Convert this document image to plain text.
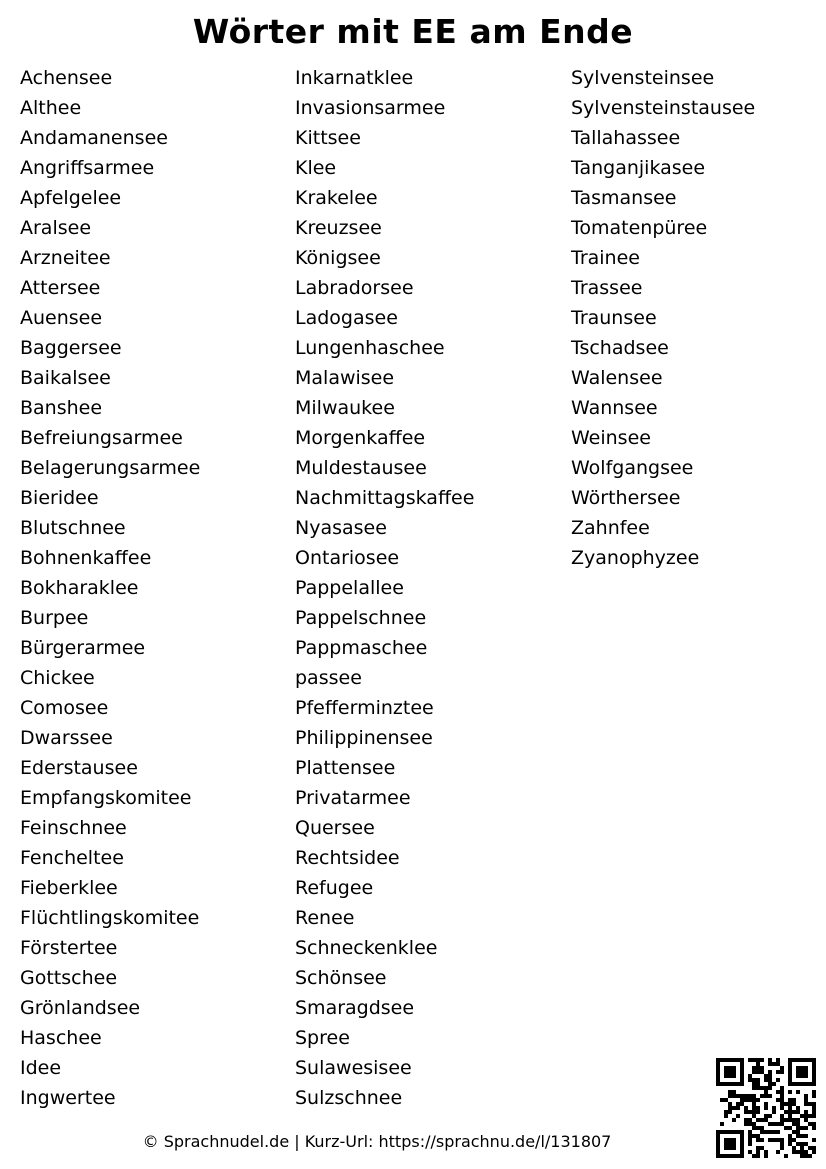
Wörter mit EE am Ende
Achensee
Althee
Andamanensee
Angriffsarmee
Apfelgelee
Aralsee
Arzneitee
Attersee
Auensee
Baggersee
Baikalsee
Banshee
Befreiungsarmee
Belagerungsarmee
Bieridee
Blutschnee
Bohnenkaffee
Bokharaklee
Burpee
Bürgerarmee
Chickee
Comosee
Dwarssee
Ederstausee
Empfangskomitee
Feinschnee
Fencheltee
Fieberklee
Flüchtlingskomitee
Förstertee
Gottschee
Grönlandsee
Haschee
Idee
Ingwertee
Inkarnatklee
Invasionsarmee
Kittsee
Klee
Krakelee
Kreuzsee
Königsee
Labradorsee
Ladogasee
Lungenhaschee
Malawisee
Milwaukee
Morgenkaffee
Muldestausee
Nachmittagskaffee
Nyasasee
Ontariosee
Pappelallee
Pappelschnee
Pappmaschee
passee
Pfefferminztee
Philippinensee
Plattensee
Privatarmee
Quersee
Rechtsidee
Refugee
Renee
Schneckenklee
Schönsee
Smaragdsee
Spree
Sulawesisee
Sulzschnee
Sylvensteinsee
Sylvensteinstausee
Tallahassee
Tanganjikasee
Tasmansee
Tomatenpüree
Trainee
Trassee
Traunsee
Tschadsee
Walensee
Wannsee
Weinsee
Wolfgangsee
Wörthersee
Zahnfee
Zyanophyzee
© Sprachnudel.de | Kurz-Url: https://sprachnu.de/l/131807
